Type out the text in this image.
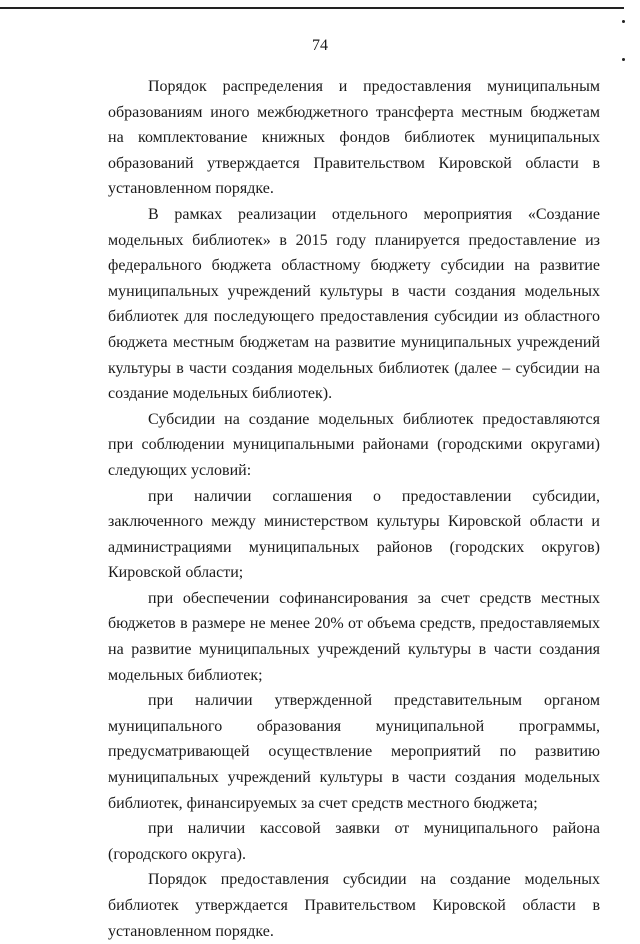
74

Порядок распределения и предоставления муниципальным образованиям иного межбюджетного трансферта местным бюджетам на комплектование книжных фондов библиотек муниципальных образований утверждается Правительством Кировской области в установленном порядке.

В рамках реализации отдельного мероприятия «Создание модельных библиотек» в 2015 году планируется предоставление из федерального бюджета областному бюджету субсидии на развитие муниципальных учреждений культуры в части создания модельных библиотек для последующего предоставления субсидии из областного бюджета местным бюджетам на развитие муниципальных учреждений культуры в части создания модельных библиотек (далее – субсидии на создание модельных библиотек).

Субсидии на создание модельных библиотек предоставляются при соблюдении муниципальными районами (городскими округами) следующих условий:

при наличии соглашения о предоставлении субсидии, заключенного между министерством культуры Кировской области и администрациями муниципальных районов (городских округов) Кировской области;

при обеспечении софинансирования за счет средств местных бюджетов в размере не менее 20% от объема средств, предоставляемых на развитие муниципальных учреждений культуры в части создания модельных библиотек;

при наличии утвержденной представительным органом муниципального образования муниципальной программы, предусматривающей осуществление мероприятий по развитию муниципальных учреждений культуры в части создания модельных библиотек, финансируемых за счет средств местного бюджета;

при наличии кассовой заявки от муниципального района (городского округа).

Порядок предоставления субсидии на создание модельных библиотек утверждается Правительством Кировской области в установленном порядке.
